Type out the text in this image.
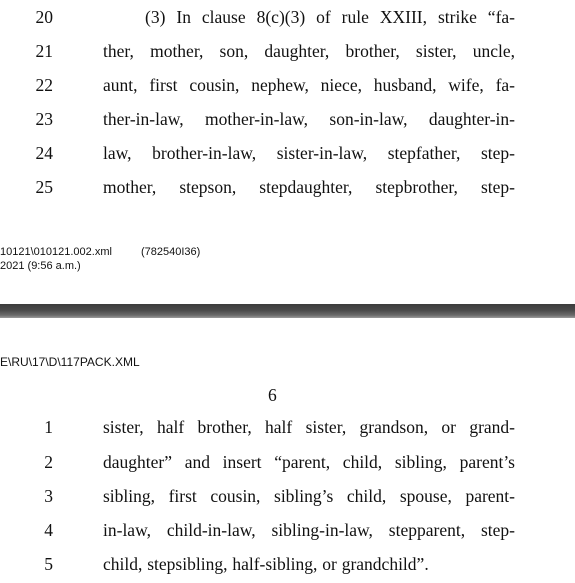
20	(3) In clause 8(c)(3) of rule XXIII, strike “fa-
21	ther, mother, son, daughter, brother, sister, uncle,
22	aunt, first cousin, nephew, niece, husband, wife, fa-
23	ther-in-law, mother-in-law, son-in-law, daughter-in-
24	law, brother-in-law, sister-in-law, stepfather, step-
25	mother, stepson, stepdaughter, stepbrother, step-
10121\010121.002.xml
2021 (9:56 a.m.)
(782540I36)
E\RU\17\D\117PACK.XML
6
1	sister, half brother, half sister, grandson, or grand-
2	daughter” and insert “parent, child, sibling, parent’s
3	sibling, first cousin, sibling’s child, spouse, parent-
4	in-law, child-in-law, sibling-in-law, stepparent, step-
5	child, stepsibling, half-sibling, or grandchild”.
